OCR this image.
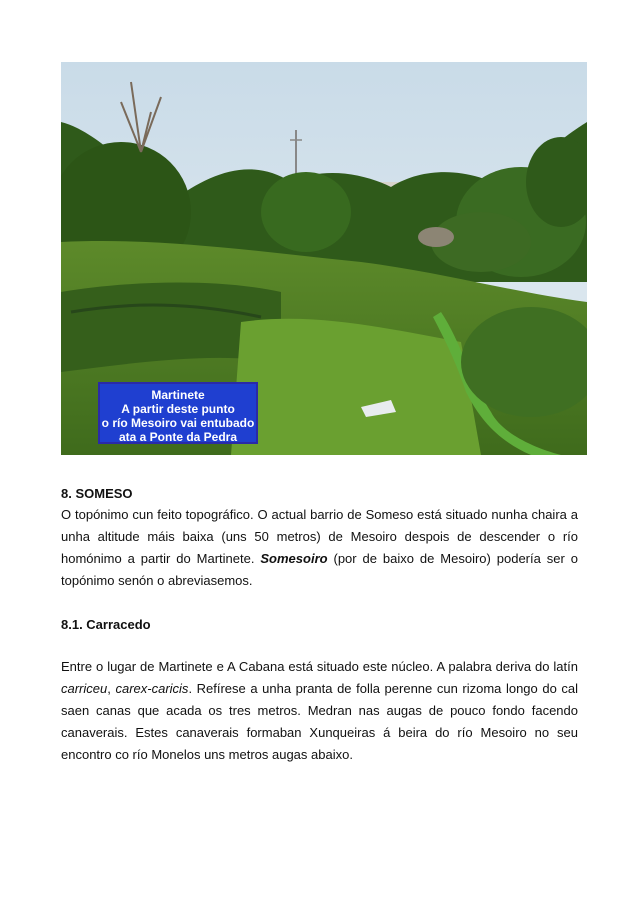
Martinete
A partir deste punto
o río Mesoiro vai entubado
ata a Ponte da Pedra
8. SOMESO
O topónimo cun feito topográfico. O actual barrio de Someso está situado nunha chaira a
unha altitude máis baixa (uns 50 metros) de Mesoiro despois de descender o río
homónimo a partir do Martinete. Somesoiro (por de baixo de Mesoiro) podería ser o
topónimo senón o abreviasemos.
8.1. Carracedo
Entre o lugar de Martinete e A Cabana está situado este núcleo. A palabra deriva do latín
carriceu, carex-caricis. Refírese a unha pranta de folla perenne cun rizoma longo do cal
saen canas que acada os tres metros. Medran nas augas de pouco fondo facendo
canaverais. Estes canaverais formaban Xunqueiras á beira do río Mesoiro no seu
encontro co río Monelos uns metros augas abaixo.
